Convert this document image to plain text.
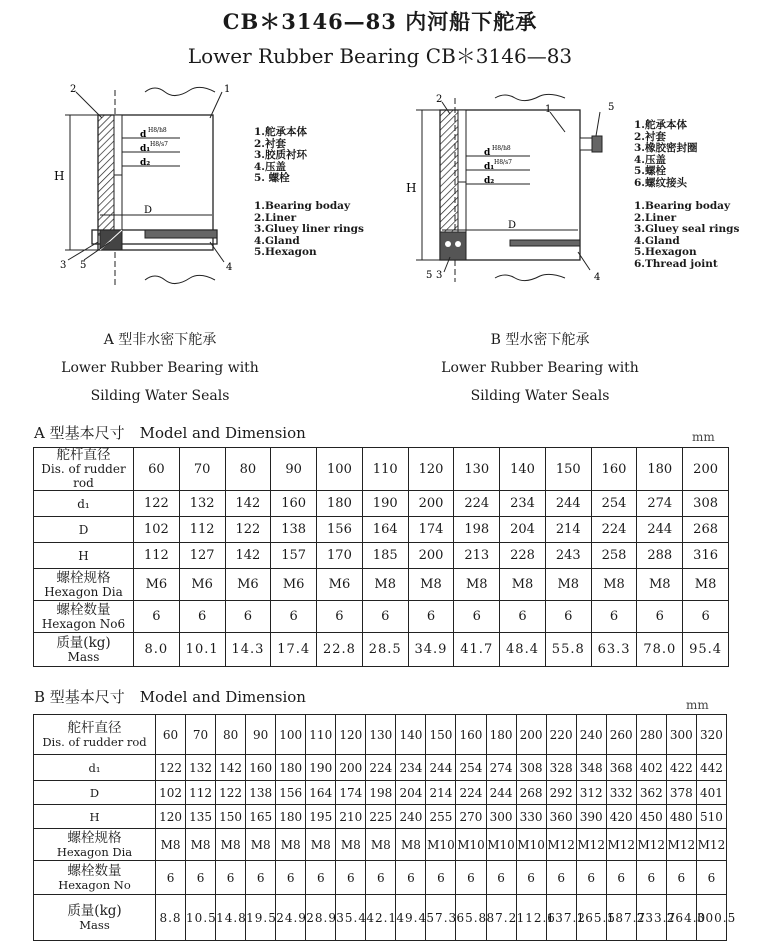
CB＊3146—83 内河船下舵承
Lower Rubber Bearing CB＊3146—83
H
d H8/h8
d₁ H8/s7
d₂
D
2	1
3 5	4
1.舵承本体
2.衬套
3.胶质衬环
4.压盖
5. 螺栓
1.Bearing boday
2.Liner
3.Gluey liner rings
4.Gland
5.Hexagon
H
d H8/h8
d₁ H8/s7
d₂
D
2
1	5
3
5	4
1.舵承本体
2.衬套
3.橡胶密封圈
4.压盖
5.螺栓
6.螺纹接头
1.Bearing boday
2.Liner
3.Gluey seal rings
4.Gland
5.Hexagon
6.Thread joint
A 型非水密下舵承
Lower Rubber Bearing with
Silding Water Seals
B 型水密下舵承
Lower Rubber Bearing with
Silding Water Seals
A 型基本尺寸　Model and Dimension	mm
舵杆直径
Dis. of rudder rod	60	70	80	90	100	110	120	130	140	150	160	180	200

d₁	122	132	142	160	180	190	200	224	234	244	254	274	308

D	102	112	122	138	156	164	174	198	204	214	224	244	268

H	112	127	142	157	170	185	200	213	228	243	258	288	316

螺栓规格
Hexagon Dia	M6	M6	M6	M6	M6	M8	M8	M8	M8	M8	M8	M8	M8

螺栓数量
Hexagon No6	6	6	6	6	6	6	6	6	6	6	6	6	6

质量(kg)
Mass	8.0	10.1	14.3	17.4	22.8	28.5	34.9	41.7	48.4	55.8	63.3	78.0	95.4
B 型基本尺寸　Model and Dimension	mm
舵杆直径
Dis. of rudder rod	60	70	80	90	100	110	120	130	140	150	160	180	200	220	240	260	280	300	320

d₁	122	132	142	160	180	190	200	224	234	244	254	274	308	328	348	368	402	422	442

D	102	112	122	138	156	164	174	198	204	214	224	244	268	292	312	332	362	378	401

H	120	135	150	165	180	195	210	225	240	255	270	300	330	360	390	420	450	480	510

螺栓规格
Hexagon Dia	M8	M8	M8	M8	M8	M8	M8	M8	M8	M10	M10	M10	M10	M12	M12	M12	M12	M12	M12

螺栓数量
Hexagon No	6	6	6	6	6	6	6	6	6	6	6	6	6	6	6	6	6	6	6

质量(kg)
Mass	8.8	10.5	14.8	19.5	24.9	28.9	35.4	42.1	49.4	57.3	65.8	87.2	112.6	137.2	165.5	187.7	233.7	264.0	300.5
